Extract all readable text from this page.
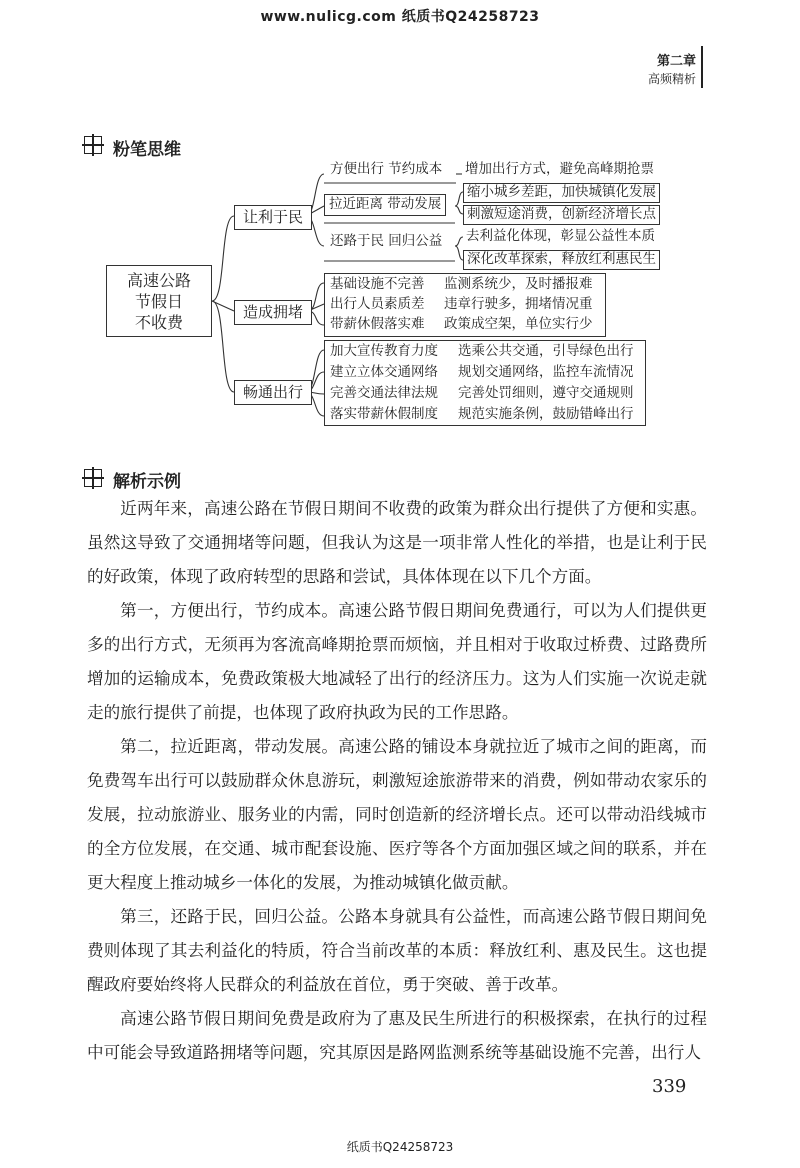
www.nulicg.com 纸质书Q24258723
第二章
高频精析
粉笔思维
高速公路
节假日
不收费
让利于民
方便出行 节约成本 增加出行方式，避免高峰期抢票
拉近距离 带动发展
缩小城乡差距，加快城镇化发展
刺激短途消费，创新经济增长点
还路于民 回归公益 去利益化体现，彰显公益性本质
深化改革探索，释放红利惠民生
造成拥堵
基础设施不完善 监测系统少，及时播报难
出行人员素质差 违章行驶多，拥堵情况重
带薪休假落实难 政策成空架，单位实行少
畅通出行
加大宣传教育力度 选乘公共交通，引导绿色出行
建立立体交通网络 规划交通网络，监控车流情况
完善交通法律法规 完善处罚细则，遵守交通规则
落实带薪休假制度 规范实施条例，鼓励错峰出行
解析示例

近两年来，高速公路在节假日期间不收费的政策为群众出行提供了方便和实惠。虽然这导致了交通拥堵等问题，但我认为这是一项非常人性化的举措，也是让利于民的好政策，体现了政府转型的思路和尝试，具体体现在以下几个方面。

第一，方便出行，节约成本。高速公路节假日期间免费通行，可以为人们提供更多的出行方式，无须再为客流高峰期抢票而烦恼，并且相对于收取过桥费、过路费所增加的运输成本，免费政策极大地减轻了出行的经济压力。这为人们实施一次说走就走的旅行提供了前提，也体现了政府执政为民的工作思路。

第二，拉近距离，带动发展。高速公路的铺设本身就拉近了城市之间的距离，而免费驾车出行可以鼓励群众休息游玩，刺激短途旅游带来的消费，例如带动农家乐的发展，拉动旅游业、服务业的内需，同时创造新的经济增长点。还可以带动沿线城市的全方位发展，在交通、城市配套设施、医疗等各个方面加强区域之间的联系，并在更大程度上推动城乡一体化的发展，为推动城镇化做贡献。

第三，还路于民，回归公益。公路本身就具有公益性，而高速公路节假日期间免费则体现了其去利益化的特质，符合当前改革的本质：释放红利、惠及民生。这也提醒政府要始终将人民群众的利益放在首位，勇于突破、善于改革。

高速公路节假日期间免费是政府为了惠及民生所进行的积极探索，在执行的过程中可能会导致道路拥堵等问题，究其原因是路网监测系统等基础设施不完善，出行人

339
纸质书Q24258723
